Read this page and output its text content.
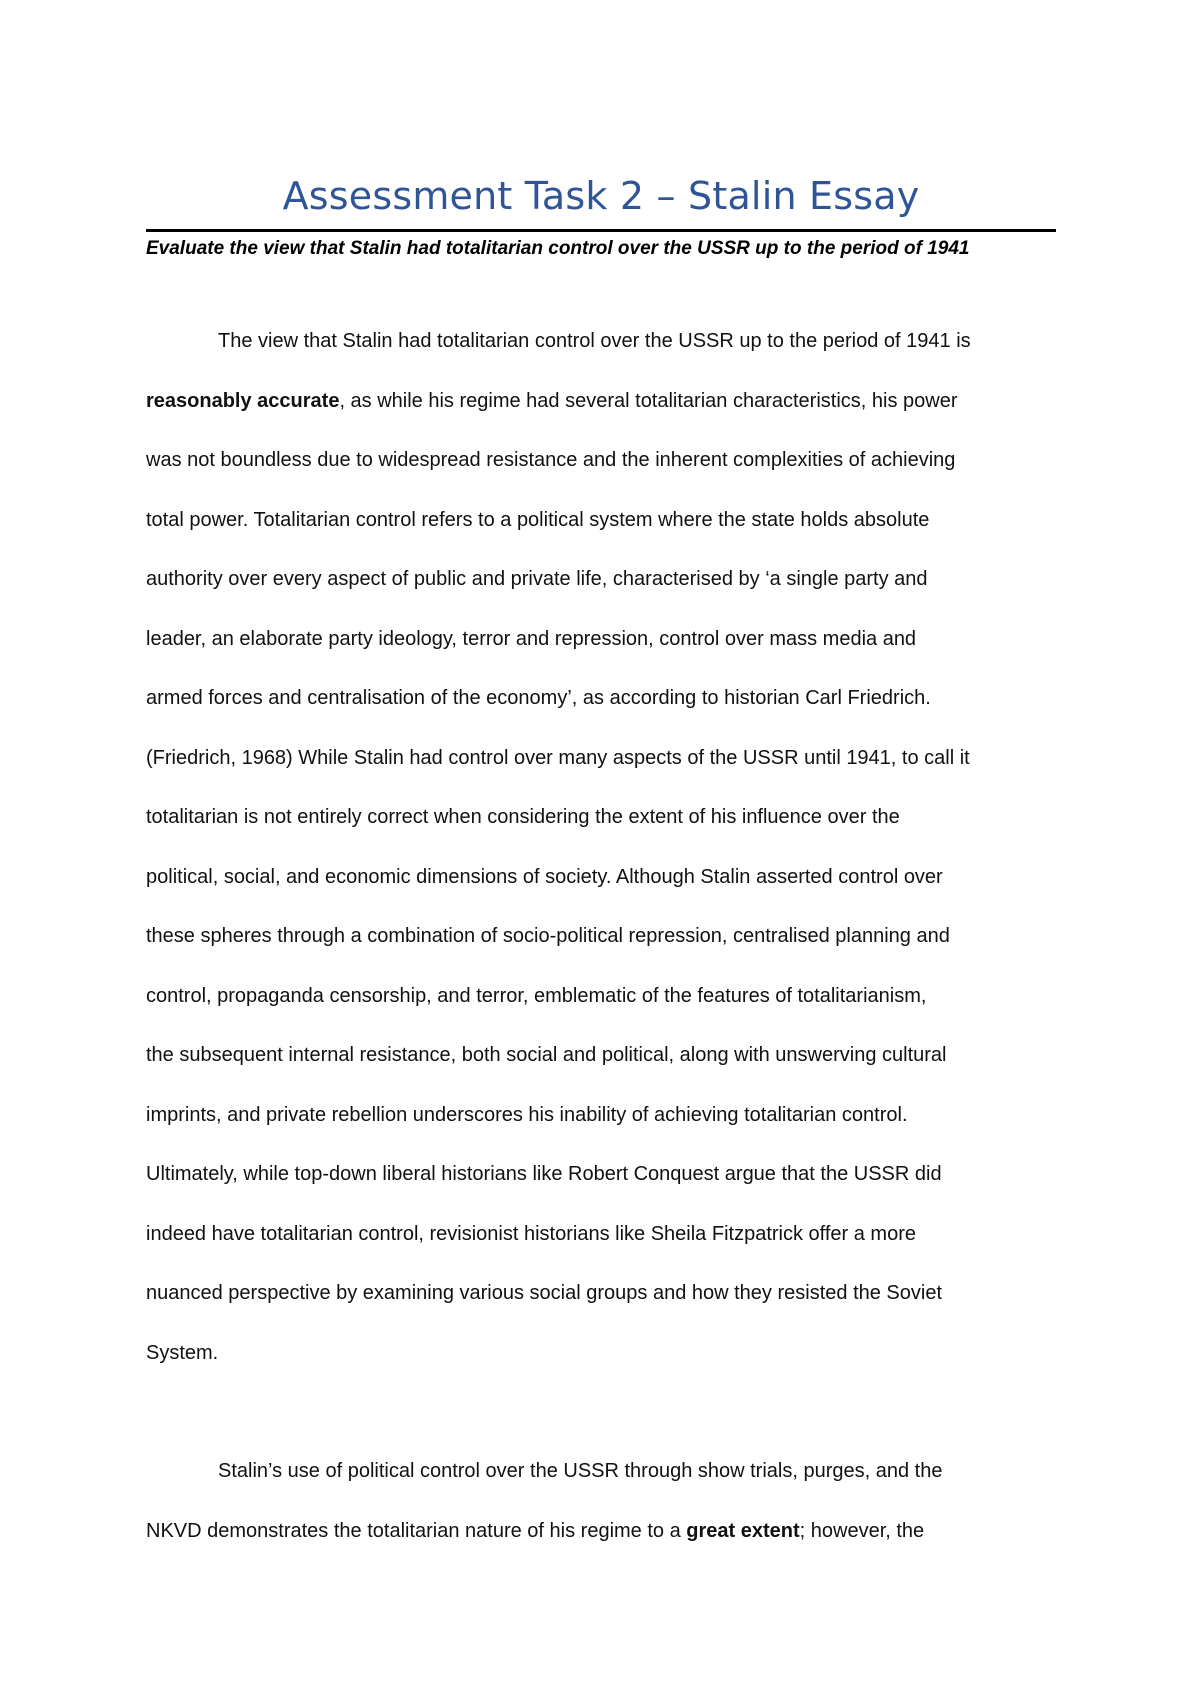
Assessment Task 2 – Stalin Essay
Evaluate the view that Stalin had totalitarian control over the USSR up to the period of 1941
The view that Stalin had totalitarian control over the USSR up to the period of 1941 is
reasonably accurate, as while his regime had several totalitarian characteristics, his power
was not boundless due to widespread resistance and the inherent complexities of achieving
total power. Totalitarian control refers to a political system where the state holds absolute
authority over every aspect of public and private life, characterised by ‘a single party and
leader, an elaborate party ideology, terror and repression, control over mass media and
armed forces and centralisation of the economy’, as according to historian Carl Friedrich.
(Friedrich, 1968) While Stalin had control over many aspects of the USSR until 1941, to call it
totalitarian is not entirely correct when considering the extent of his influence over the
political, social, and economic dimensions of society. Although Stalin asserted control over
these spheres through a combination of socio-political repression, centralised planning and
control, propaganda censorship, and terror, emblematic of the features of totalitarianism,
the subsequent internal resistance, both social and political, along with unswerving cultural
imprints, and private rebellion underscores his inability of achieving totalitarian control.
Ultimately, while top-down liberal historians like Robert Conquest argue that the USSR did
indeed have totalitarian control, revisionist historians like Sheila Fitzpatrick offer a more
nuanced perspective by examining various social groups and how they resisted the Soviet
System.
Stalin’s use of political control over the USSR through show trials, purges, and the
NKVD demonstrates the totalitarian nature of his regime to a great extent; however, the
